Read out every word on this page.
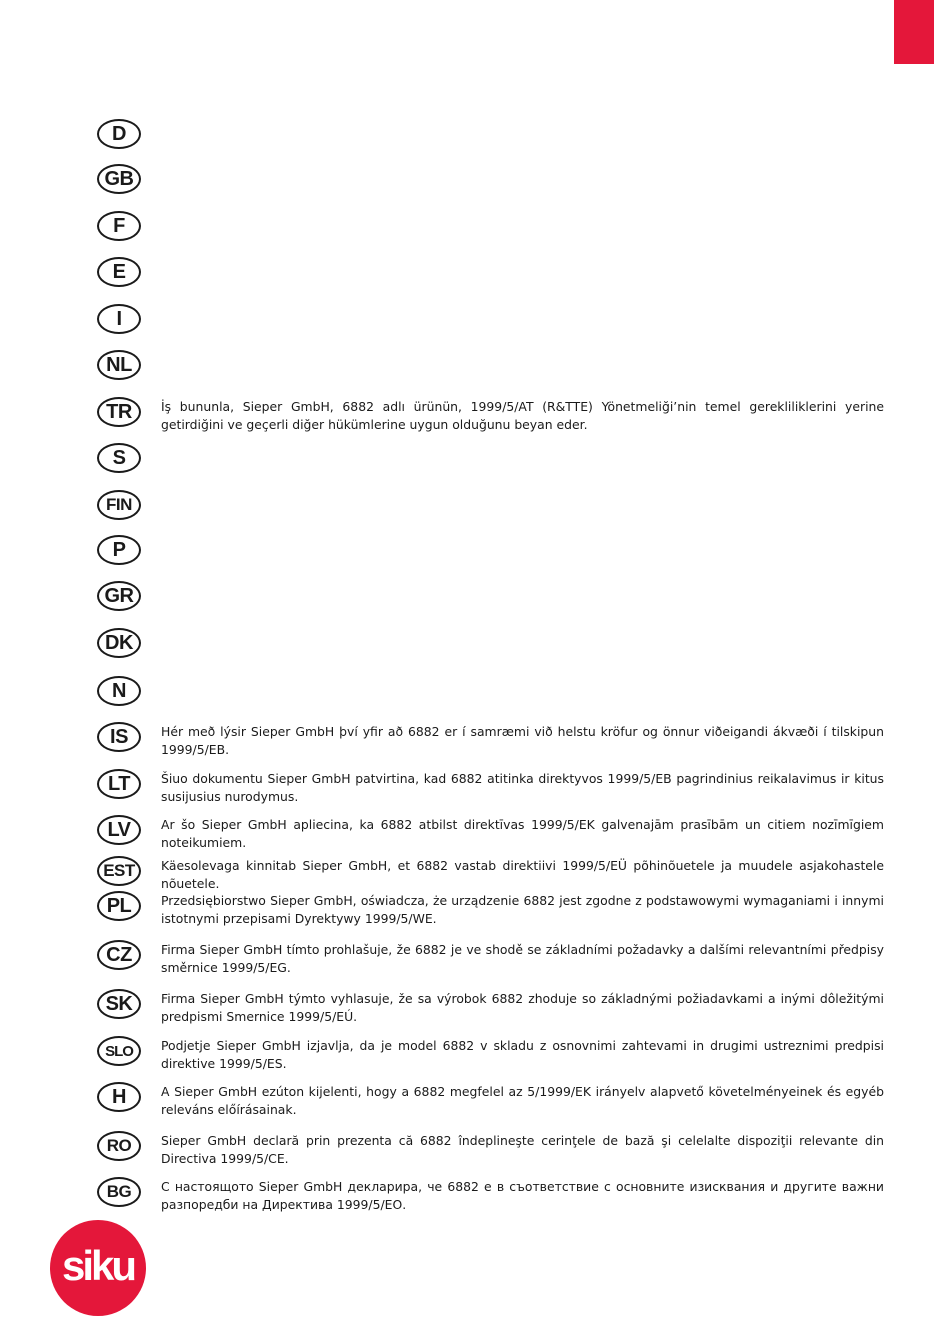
D
GB
F
E
I
NL
TR	İş bununla, Sieper GmbH, 6882 adlı ürünün, 1999/5/AT (R&TTE) Yönetmeliği’nin temel gerekliliklerini yerine getirdiğini ve geçerli diğer hükümlerine uygun olduğunu beyan eder.
S
FIN
P
GR
DK
N
IS	Hér með lýsir Sieper GmbH því yfir að 6882 er í samræmi við helstu kröfur og önnur viðeigandi ákvæði í tilskipun 1999/5/EB.
LT	Šiuo dokumentu Sieper GmbH patvirtina, kad 6882 atitinka direktyvos 1999/5/EB pagrindinius reikalavimus ir kitus susijusius nurodymus.
LV	Ar šo Sieper GmbH apliecina, ka 6882 atbilst direktīvas 1999/5/EK galvenajām prasībām un citiem nozīmīgiem noteikumiem.
EST	Käesolevaga kinnitab Sieper GmbH, et 6882 vastab direktiivi 1999/5/EÜ põhinõuetele ja muudele asjakohastele nõuetele.
PL	Przedsiębiorstwo Sieper GmbH, oświadcza, że urządzenie 6882 jest zgodne z podstawowymi wymaganiami i innymi istotnymi przepisami Dyrektywy 1999/5/WE.
CZ	Firma Sieper GmbH tímto prohlašuje, že 6882 je ve shodě se základními požadavky a dalšími relevantními předpisy směrnice 1999/5/EG.
SK	Firma Sieper GmbH týmto vyhlasuje, že sa výrobok 6882 zhoduje so základnými požiadavkami a inými dôležitými predpismi Smernice 1999/5/EÚ.
SLO	Podjetje Sieper GmbH izjavlja, da je model 6882 v skladu z osnovnimi zahtevami in drugimi ustreznimi predpisi direktive 1999/5/ES.
H	A Sieper GmbH ezúton kijelenti, hogy a 6882 megfelel az 5/1999/EK irányelv alapvető követelményeinek és egyéb releváns előírásainak.
RO	Sieper GmbH declară prin prezenta că 6882 îndeplineşte cerinţele de bază şi celelalte dispoziţii relevante din Directiva 1999/5/CE.
BG	С настоящото Sieper GmbH декларира, че 6882 е в съответствие с основните изисквания и другите важни разпоредби на Директива 1999/5/ЕО.
siku
